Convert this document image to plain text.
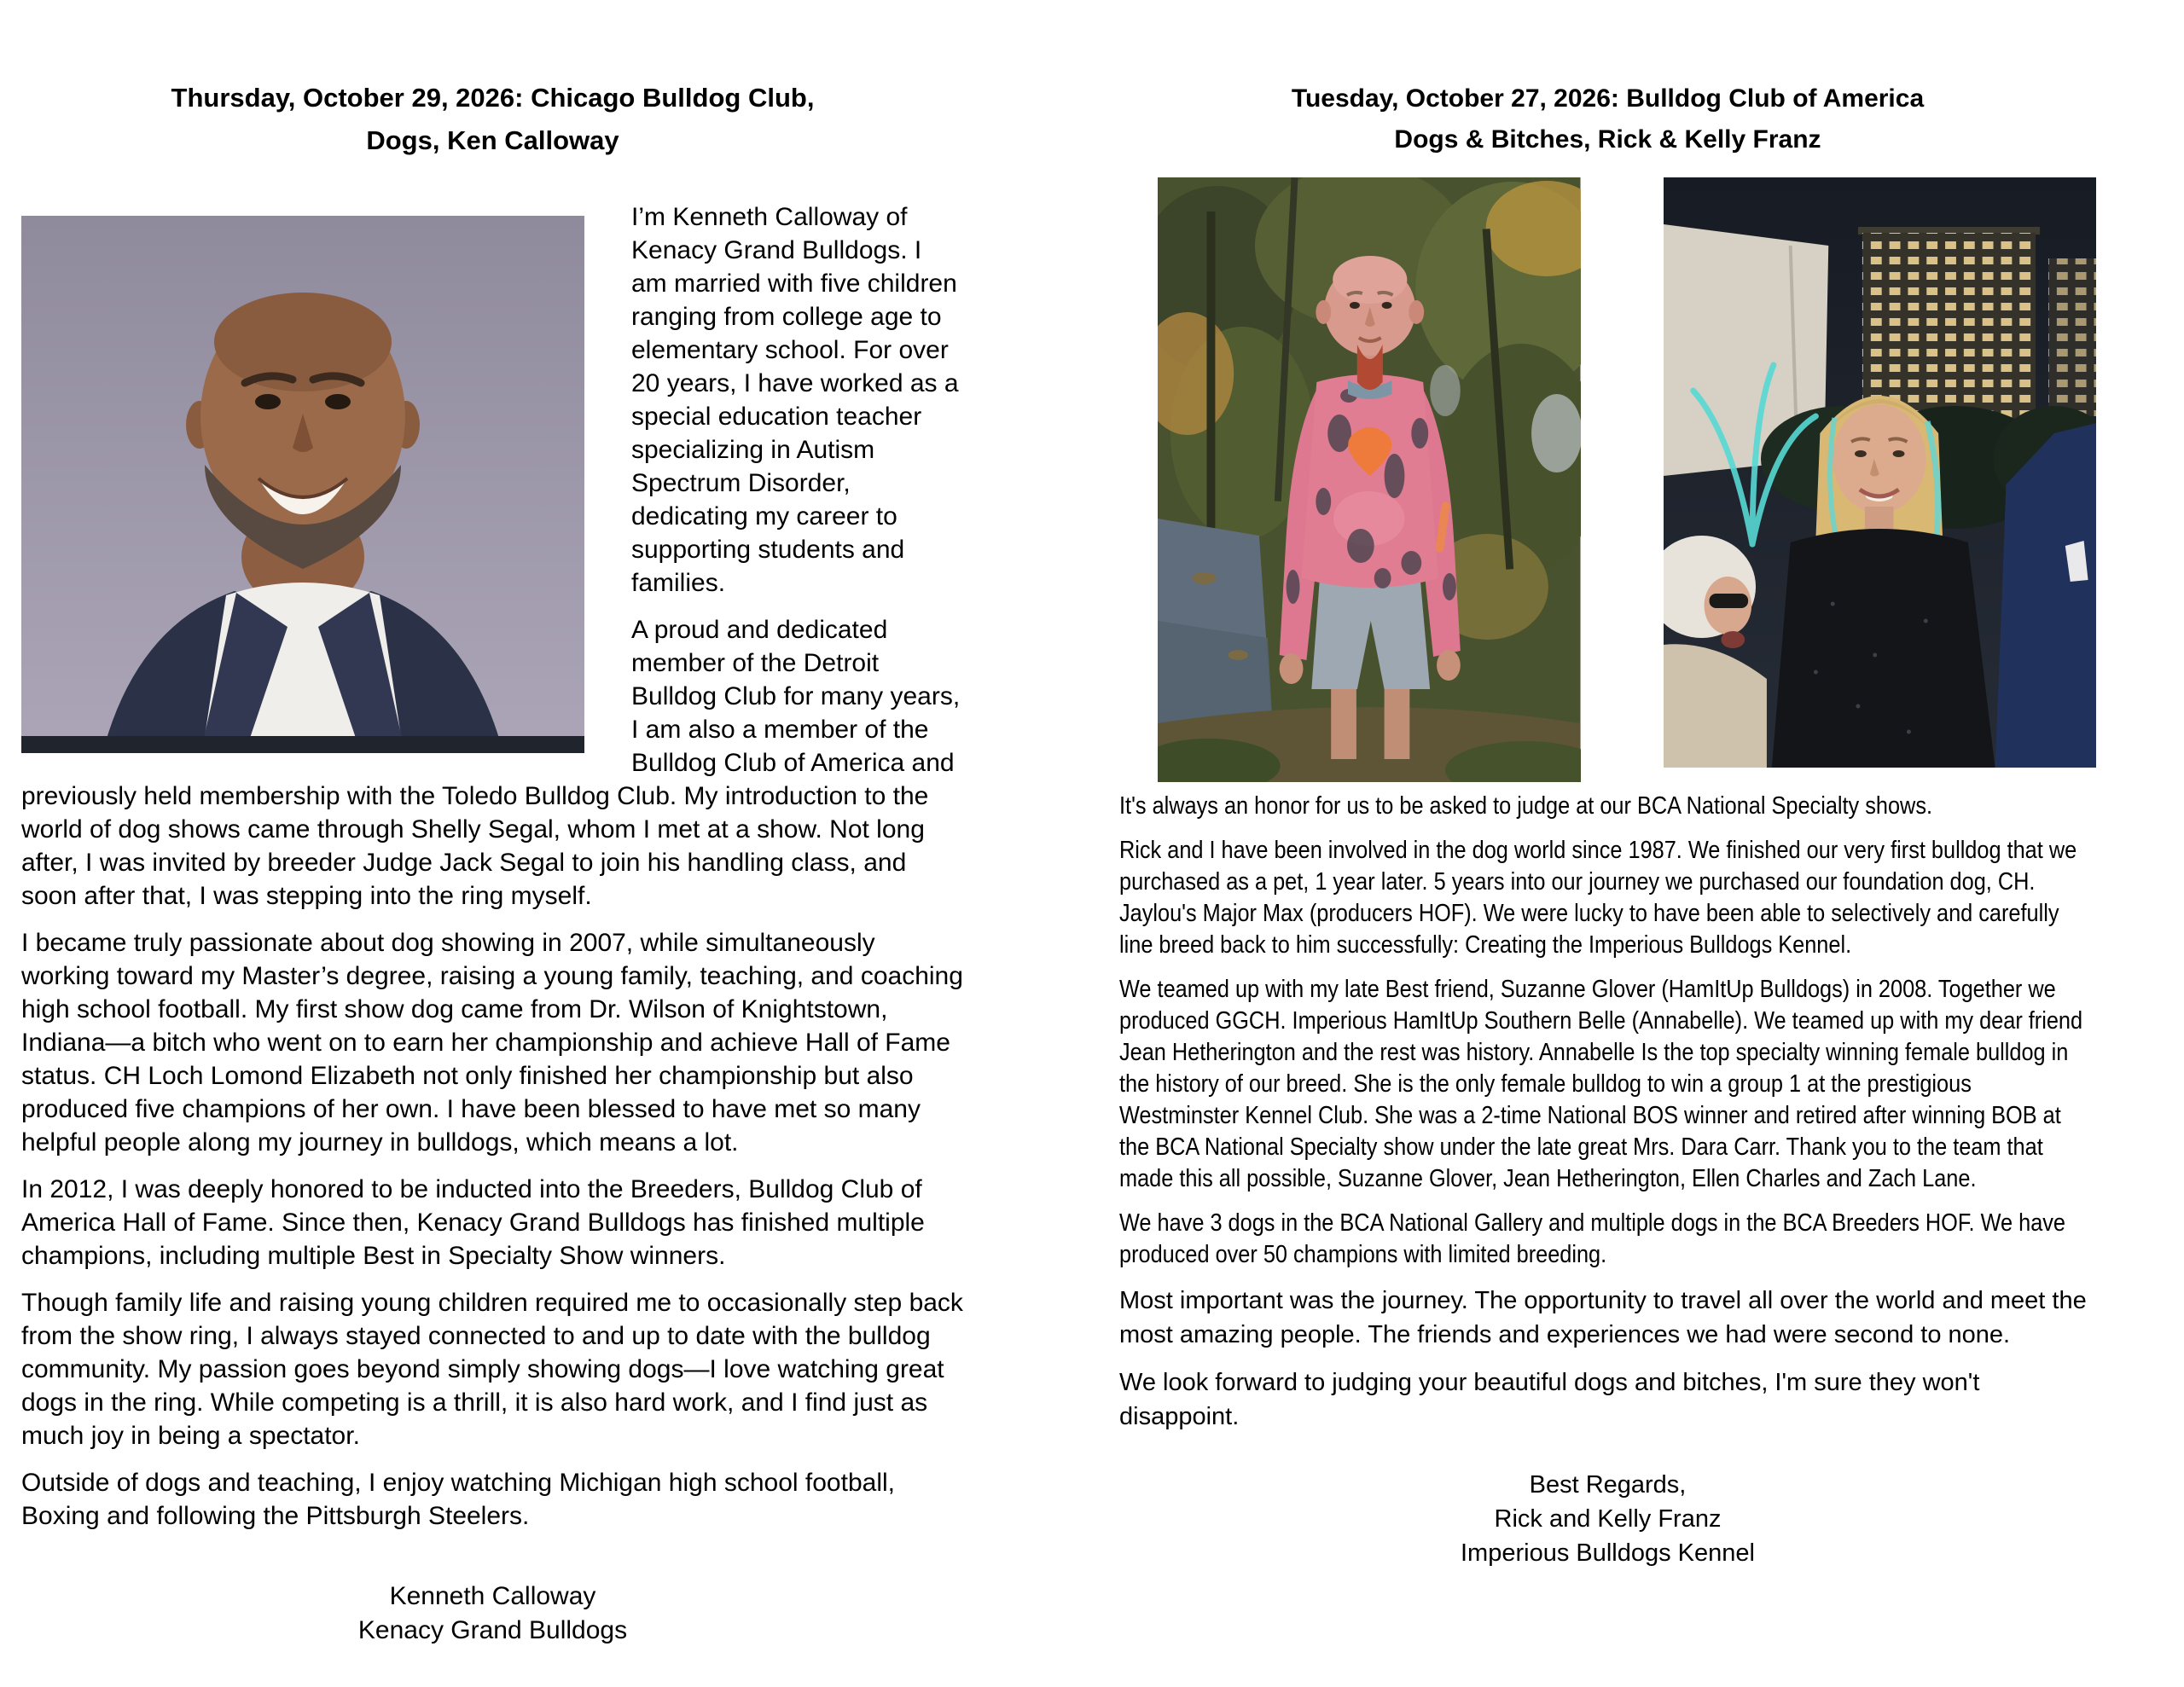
Thursday, October 29, 2026: Chicago Bulldog Club,
Dogs, Ken Calloway

I’m Kenneth Calloway of Kenacy Grand Bulldogs. I am married with five children ranging from college age to elementary school. For over 20 years, I have worked as a special education teacher specializing in Autism Spectrum Disorder, dedicating my career to supporting students and families.

A proud and dedicated member of the Detroit Bulldog Club for many years, I am also a member of the Bulldog Club of America and previously held membership with the Toledo Bulldog Club. My introduction to the world of dog shows came through Shelly Segal, whom I met at a show. Not long after, I was invited by breeder Judge Jack Segal to join his handling class, and soon after that, I was stepping into the ring myself.

I became truly passionate about dog showing in 2007, while simultaneously working toward my Master’s degree, raising a young family, teaching, and coaching high school football. My first show dog came from Dr. Wilson of Knightstown, Indiana—a bitch who went on to earn her championship and achieve Hall of Fame status. CH Loch Lomond Elizabeth not only finished her championship but also produced five champions of her own. I have been blessed to have met so many helpful people along my journey in bulldogs, which means a lot.

In 2012, I was deeply honored to be inducted into the Breeders, Bulldog Club of America Hall of Fame. Since then, Kenacy Grand Bulldogs has finished multiple champions, including multiple Best in Specialty Show winners.

Though family life and raising young children required me to occasionally step back from the show ring, I always stayed connected to and up to date with the bulldog community. My passion goes beyond simply showing dogs—I love watching great dogs in the ring. While competing is a thrill, it is also hard work, and I find just as much joy in being a spectator.

Outside of dogs and teaching, I enjoy watching Michigan high school football, Boxing and following the Pittsburgh Steelers.

Kenneth Calloway
Kenacy Grand Bulldogs
Tuesday, October 27, 2026: Bulldog Club of America
Dogs & Bitches, Rick & Kelly Franz

It's always an honor for us to be asked to judge at our BCA National Specialty shows.

Rick and I have been involved in the dog world since 1987. We finished our very first bulldog that we purchased as a pet, 1 year later. 5 years into our journey we purchased our foundation dog, CH. Jaylou's Major Max (producers HOF). We were lucky to have been able to selectively and carefully line breed back to him successfully: Creating the Imperious Bulldogs Kennel.

We teamed up with my late Best friend, Suzanne Glover (HamItUp Bulldogs) in 2008. Together we produced GGCH. Imperious HamItUp Southern Belle (Annabelle). We teamed up with my dear friend Jean Hetherington and the rest was history. Annabelle Is the top specialty winning female bulldog in the history of our breed. She is the only female bulldog to win a group 1 at the prestigious Westminster Kennel Club. She was a 2-time National BOS winner and retired after winning BOB at the BCA National Specialty show under the late great Mrs. Dara Carr. Thank you to the team that made this all possible, Suzanne Glover, Jean Hetherington, Ellen Charles and Zach Lane.

We have 3 dogs in the BCA National Gallery and multiple dogs in the BCA Breeders HOF. We have produced over 50 champions with limited breeding.

Most important was the journey. The opportunity to travel all over the world and meet the most amazing people. The friends and experiences we had were second to none.

We look forward to judging your beautiful dogs and bitches, I'm sure they won't disappoint.

Best Regards,
Rick and Kelly Franz
Imperious Bulldogs Kennel
